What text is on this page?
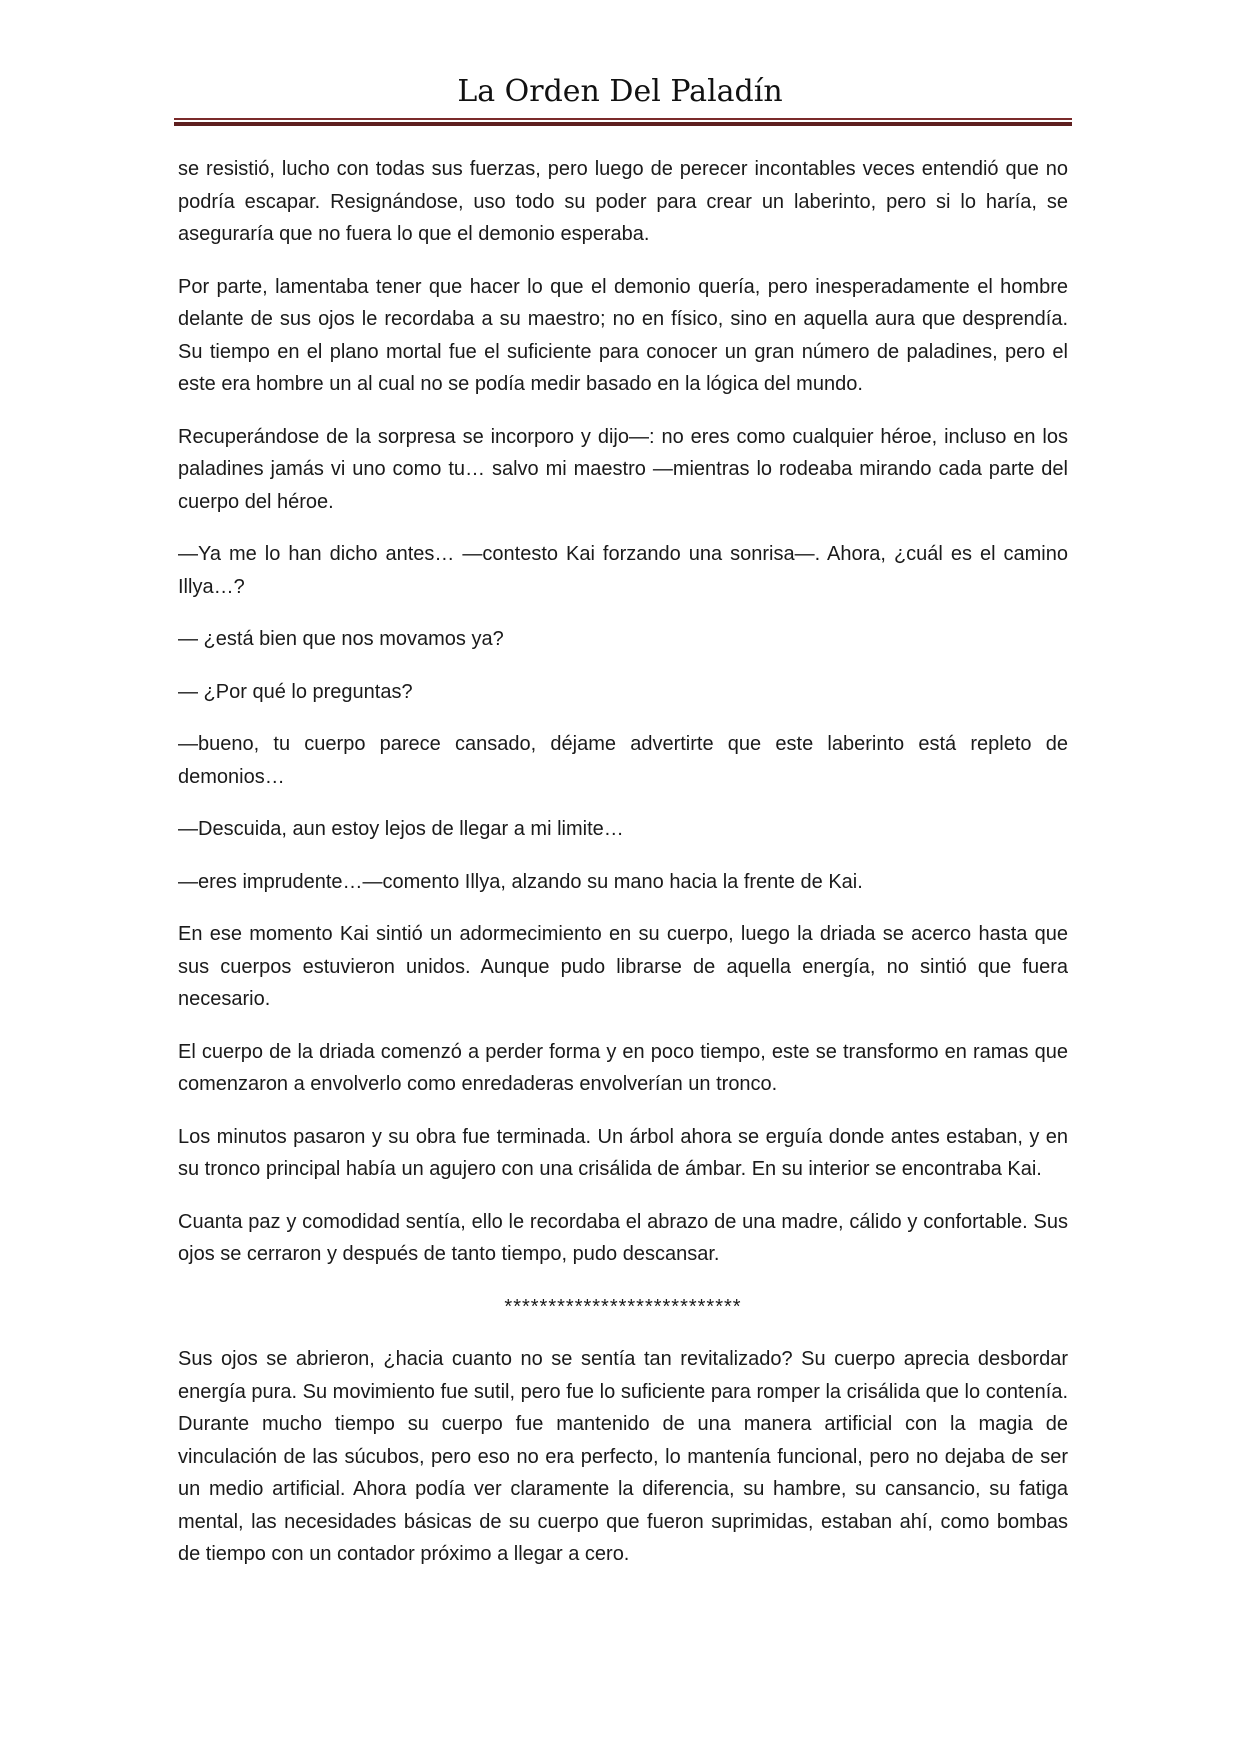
La Orden Del Paladín

se resistió, lucho con todas sus fuerzas, pero luego de perecer incontables veces entendió que no podría escapar. Resignándose, uso todo su poder para crear un laberinto, pero si lo haría, se aseguraría que no fuera lo que el demonio esperaba.

Por parte, lamentaba tener que hacer lo que el demonio quería, pero inesperadamente el hombre delante de sus ojos le recordaba a su maestro; no en físico, sino en aquella aura que desprendía. Su tiempo en el plano mortal fue el suficiente para conocer un gran número de paladines, pero el este era hombre un al cual no se podía medir basado en la lógica del mundo.

Recuperándose de la sorpresa se incorporo y dijo—: no eres como cualquier héroe, incluso en los paladines jamás vi uno como tu… salvo mi maestro —mientras lo rodeaba mirando cada parte del cuerpo del héroe.

—Ya me lo han dicho antes… —contesto Kai forzando una sonrisa—. Ahora, ¿cuál es el camino Illya…?

— ¿está bien que nos movamos ya?

— ¿Por qué lo preguntas?

—bueno, tu cuerpo parece cansado, déjame advertirte que este laberinto está repleto de demonios…

—Descuida, aun estoy lejos de llegar a mi limite…

—eres imprudente…—comento Illya, alzando su mano hacia la frente de Kai.

En ese momento Kai sintió un adormecimiento en su cuerpo, luego la driada se acerco hasta que sus cuerpos estuvieron unidos. Aunque pudo librarse de aquella energía, no sintió que fuera necesario.

El cuerpo de la driada comenzó a perder forma y en poco tiempo, este se transformo en ramas que comenzaron a envolverlo como enredaderas envolverían un tronco.

Los minutos pasaron y su obra fue terminada. Un árbol ahora se erguía donde antes estaban, y en su tronco principal había un agujero con una crisálida de ámbar. En su interior se encontraba Kai.

Cuanta paz y comodidad sentía, ello le recordaba el abrazo de una madre, cálido y confortable. Sus ojos se cerraron y después de tanto tiempo, pudo descansar.

***************************

Sus ojos se abrieron, ¿hacia cuanto no se sentía tan revitalizado? Su cuerpo aprecia desbordar energía pura. Su movimiento fue sutil, pero fue lo suficiente para romper la crisálida que lo contenía. Durante mucho tiempo su cuerpo fue mantenido de una manera artificial con la magia de vinculación de las súcubos, pero eso no era perfecto, lo mantenía funcional, pero no dejaba de ser un medio artificial. Ahora podía ver claramente la diferencia, su hambre, su cansancio, su fatiga mental, las necesidades básicas de su cuerpo que fueron suprimidas, estaban ahí, como bombas de tiempo con un contador próximo a llegar a cero.
